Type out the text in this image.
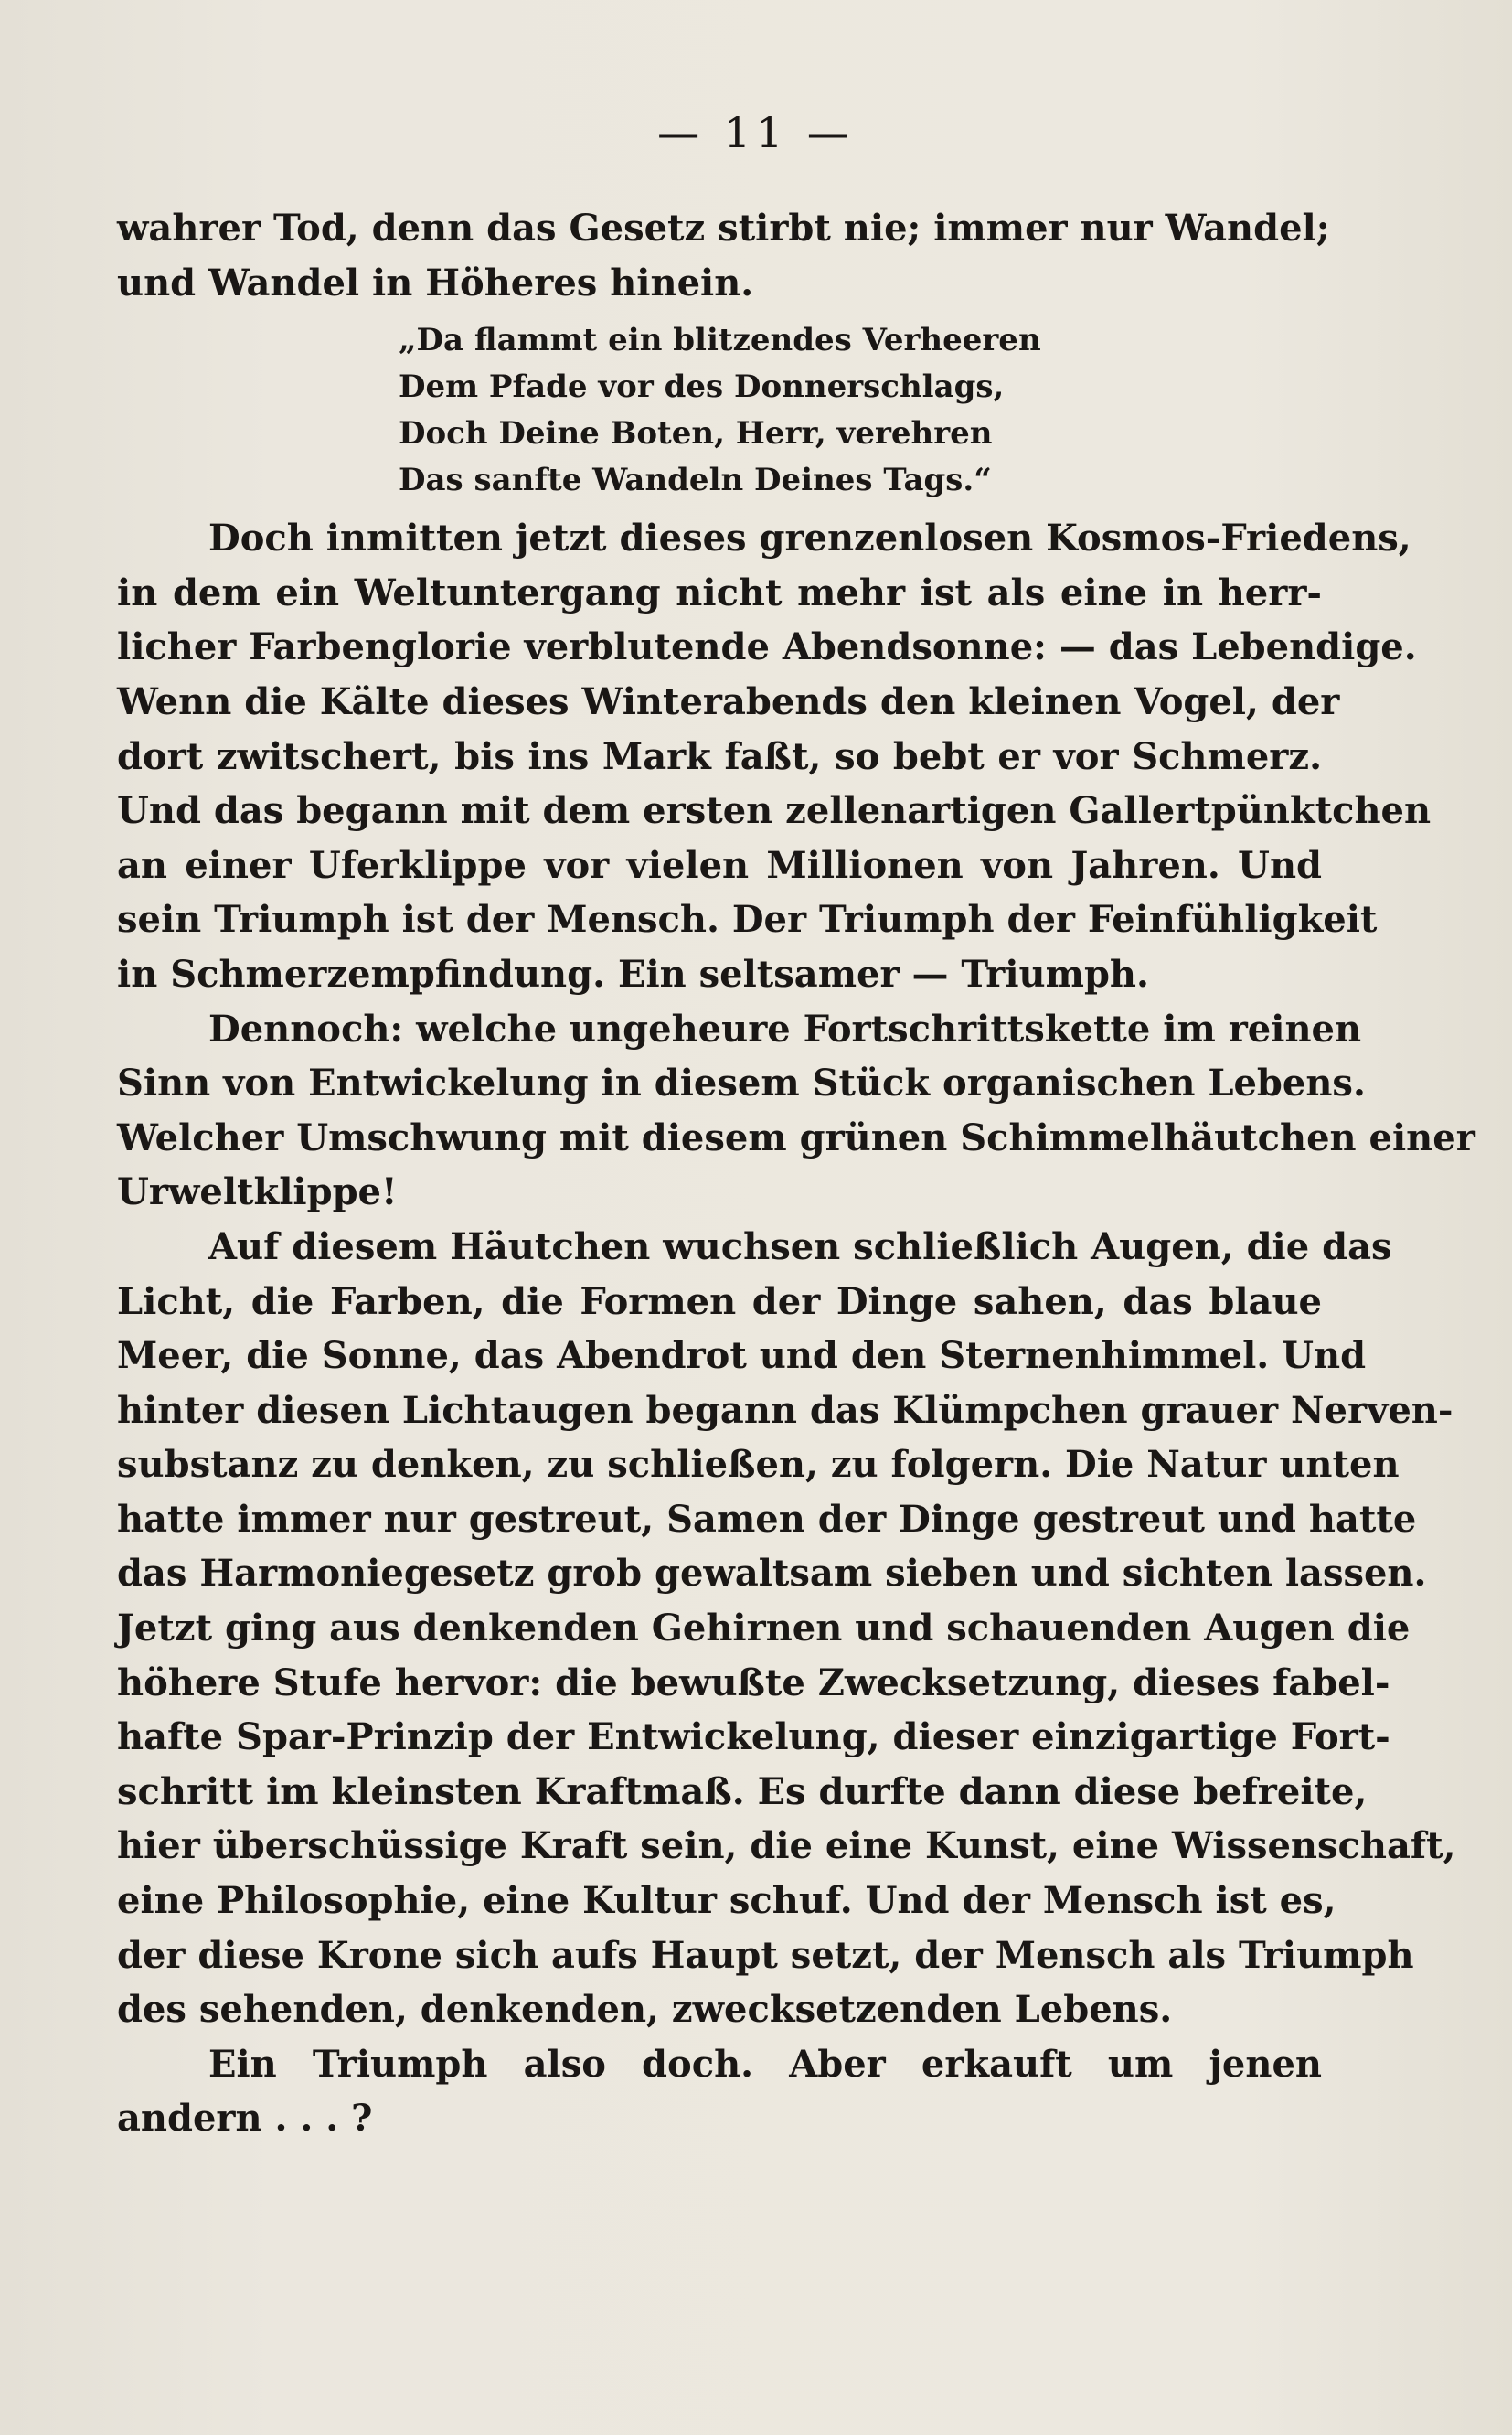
— 11 —
wahrer Tod, denn das Gesetz stirbt nie; immer nur Wandel;
und Wandel in Höheres hinein.
„Da flammt ein blitzendes Verheeren
Dem Pfade vor des Donnerschlags,
Doch Deine Boten, Herr, verehren
Das sanfte Wandeln Deines Tags.“
Doch inmitten jetzt dieses grenzenlosen Kosmos-Friedens,
in dem ein Weltuntergang nicht mehr ist als eine in herr-
licher Farbenglorie verblutende Abendsonne: — das Lebendige.
Wenn die Kälte dieses Winterabends den kleinen Vogel, der
dort zwitschert, bis ins Mark faßt, so bebt er vor Schmerz.
Und das begann mit dem ersten zellenartigen Gallertpünktchen
an einer Uferklippe vor vielen Millionen von Jahren. Und
sein Triumph ist der Mensch. Der Triumph der Feinfühligkeit
in Schmerzempfindung. Ein seltsamer — Triumph.
Dennoch: welche ungeheure Fortschrittskette im reinen
Sinn von Entwickelung in diesem Stück organischen Lebens.
Welcher Umschwung mit diesem grünen Schimmelhäutchen einer
Urweltklippe!
Auf diesem Häutchen wuchsen schließlich Augen, die das
Licht, die Farben, die Formen der Dinge sahen, das blaue
Meer, die Sonne, das Abendrot und den Sternenhimmel. Und
hinter diesen Lichtaugen begann das Klümpchen grauer Nerven-
substanz zu denken, zu schließen, zu folgern. Die Natur unten
hatte immer nur gestreut, Samen der Dinge gestreut und hatte
das Harmoniegesetz grob gewaltsam sieben und sichten lassen.
Jetzt ging aus denkenden Gehirnen und schauenden Augen die
höhere Stufe hervor: die bewußte Zwecksetzung, dieses fabel-
hafte Spar-Prinzip der Entwickelung, dieser einzigartige Fort-
schritt im kleinsten Kraftmaß. Es durfte dann diese befreite,
hier überschüssige Kraft sein, die eine Kunst, eine Wissenschaft,
eine Philosophie, eine Kultur schuf. Und der Mensch ist es,
der diese Krone sich aufs Haupt setzt, der Mensch als Triumph
des sehenden, denkenden, zwecksetzenden Lebens.
Ein Triumph also doch. Aber erkauft um jenen
andern . . . ?
